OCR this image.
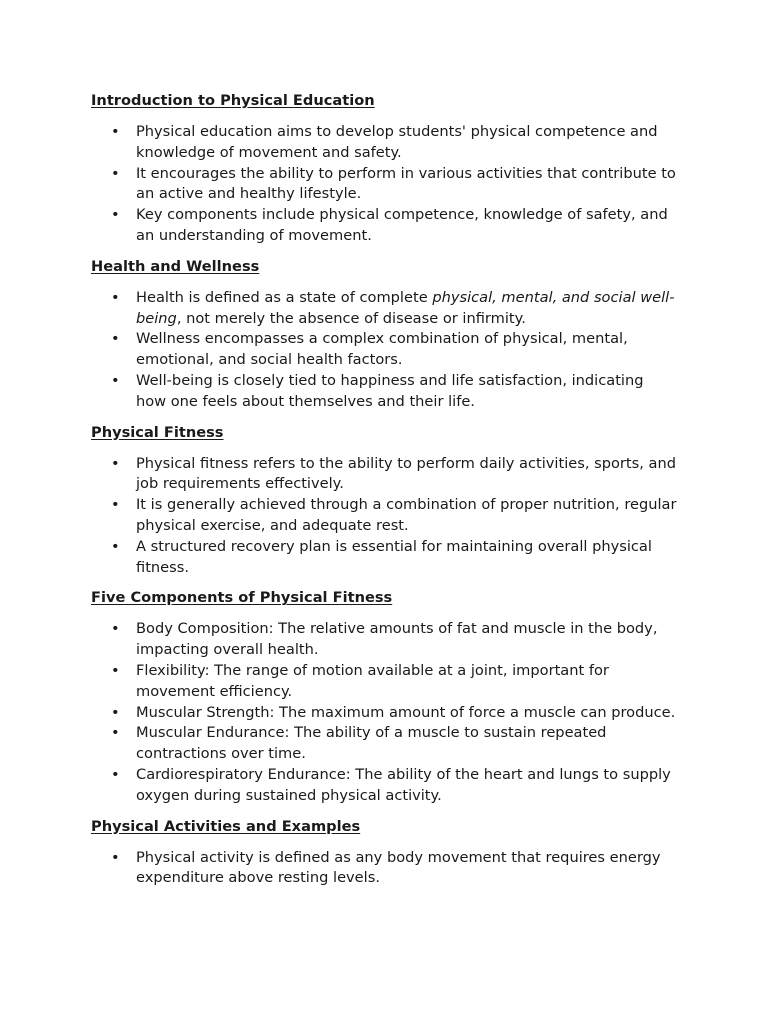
Introduction to Physical Education
• Physical education aims to develop students' physical competence and knowledge of movement and safety.
• It encourages the ability to perform in various activities that contribute to an active and healthy lifestyle.
• Key components include physical competence, knowledge of safety, and an understanding of movement.
Health and Wellness
• Health is defined as a state of complete physical, mental, and social well-being, not merely the absence of disease or infirmity.
• Wellness encompasses a complex combination of physical, mental, emotional, and social health factors.
• Well-being is closely tied to happiness and life satisfaction, indicating how one feels about themselves and their life.
Physical Fitness
• Physical fitness refers to the ability to perform daily activities, sports, and job requirements effectively.
• It is generally achieved through a combination of proper nutrition, regular physical exercise, and adequate rest.
• A structured recovery plan is essential for maintaining overall physical fitness.
Five Components of Physical Fitness
• Body Composition: The relative amounts of fat and muscle in the body, impacting overall health.
• Flexibility: The range of motion available at a joint, important for movement efficiency.
• Muscular Strength: The maximum amount of force a muscle can produce.
• Muscular Endurance: The ability of a muscle to sustain repeated contractions over time.
• Cardiorespiratory Endurance: The ability of the heart and lungs to supply oxygen during sustained physical activity.
Physical Activities and Examples
• Physical activity is defined as any body movement that requires energy expenditure above resting levels.
